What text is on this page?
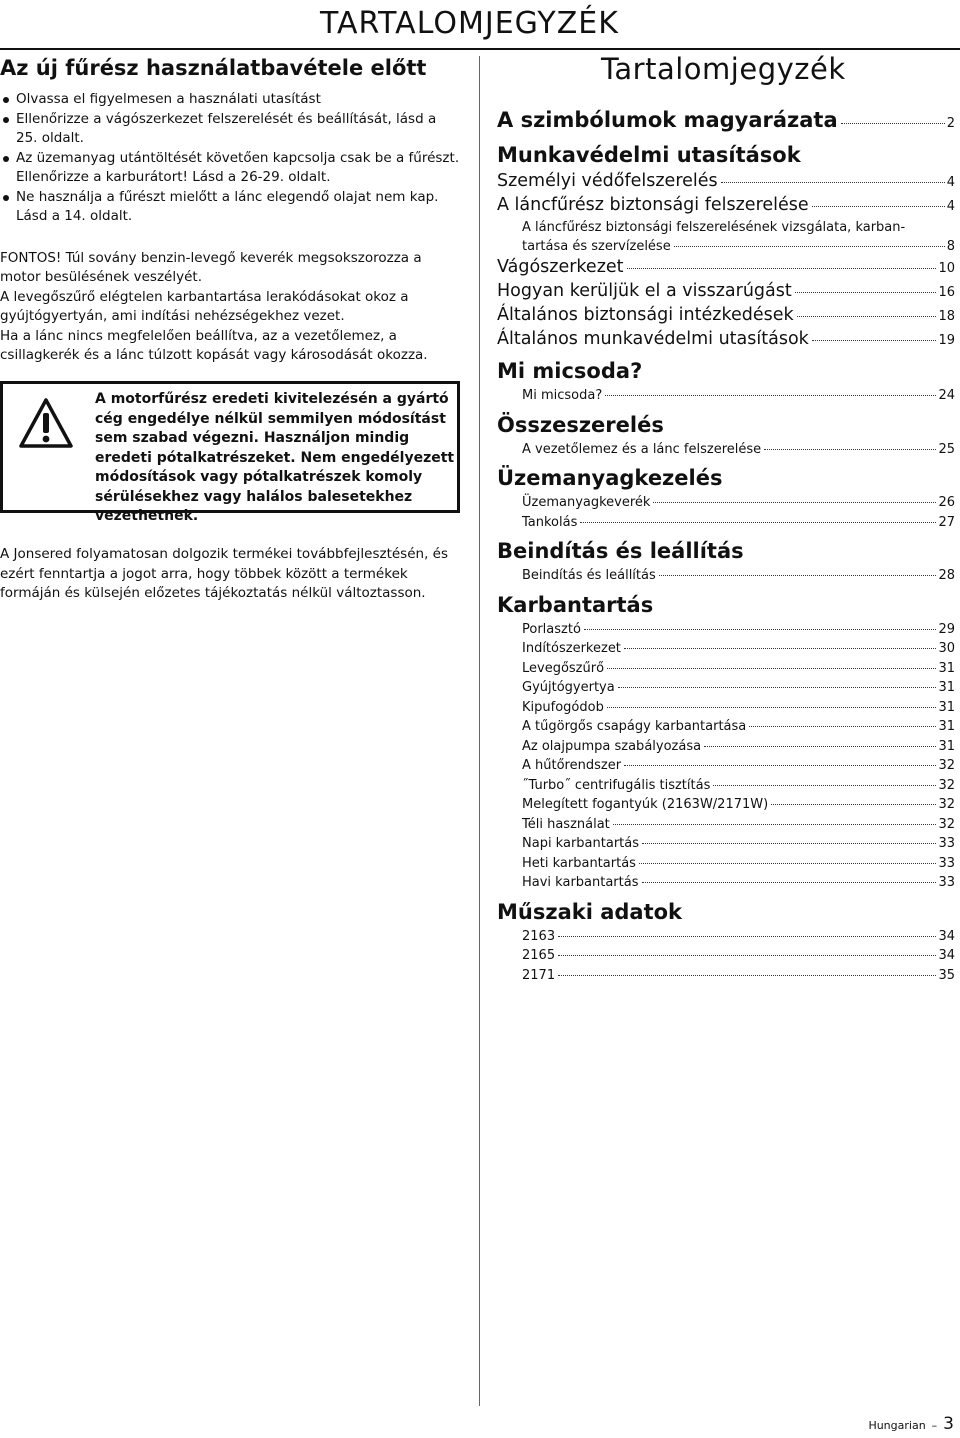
TARTALOMJEGYZÉK
Az új fűrész használatbavétele előtt
Olvassa el figyelmesen a használati utasítást
Ellenőrizze a vágószerkezet felszerelését és beállítását, lásd a 25. oldalt.
Az üzemanyag utántöltését követően kapcsolja csak be a fűrészt. Ellenőrizze a karburátort! Lásd a 26-29. oldalt.
Ne használja a fűrészt mielőtt a lánc elegendő olajat nem kap. Lásd a 14. oldalt.

FONTOS! Túl sovány benzin-levegő keverék megsokszorozza a motor besülésének veszélyét.

A levegőszűrő elégtelen karbantartása lerakódásokat okoz a gyújtógyertyán, ami indítási nehézségekhez vezet.

Ha a lánc nincs megfelelően beállítva, az a vezetőlemez, a csillagkerék és a lánc túlzott kopását vagy károsodását okozza.

A motorfűrész eredeti kivitelezésén a gyártó cég engedélye nélkül semmilyen módosítást sem szabad végezni. Használjon mindig eredeti pótalkatrészeket. Nem engedélyezett módosítások vagy pótalkatrészek komoly sérülésekhez vagy halálos balesetekhez vezethetnek.
A Jonsered folyamatosan dolgozik termékei továbbfejlesztésén, és ezért fenntartja a jogot arra, hogy többek között a termékek formáján és külsején előzetes tájékoztatás nélkül változtasson.
Tartalomjegyzék
A szimbólumok magyarázata	2
Munkavédelmi utasítások
Személyi védőfelszerelés	4
A láncfűrész biztonsági felszerelése	4
A láncfűrész biztonsági felszerelésének vizsgálata, karban-
tartása és szervízelése	8
Vágószerkezet	10
Hogyan kerüljük el a visszarúgást	16
Általános biztonsági intézkedések	18
Általános munkavédelmi utasítások	19
Mi micsoda?
Mi micsoda?	24
Összeszerelés
A vezetőlemez és a lánc felszerelése	25
Üzemanyagkezelés
Üzemanyagkeverék	26
Tankolás	27
Beindítás és leállítás
Beindítás és leállítás	28
Karbantartás
Porlasztó	29
Indítószerkezet	30
Levegőszűrő	31
Gyújtógyertya	31
Kipufogódob	31
A tűgörgős csapágy karbantartása	31
Az olajpumpa szabályozása	31
A hűtőrendszer	32
˝Turbo˝ centrifugális tisztítás	32
Melegített fogantyúk (2163W/2171W)	32
Téli használat	32
Napi karbantartás	33
Heti karbantartás	33
Havi karbantartás	33
Műszaki adatok
2163	34
2165	34
2171	35
Hungarian – 3
